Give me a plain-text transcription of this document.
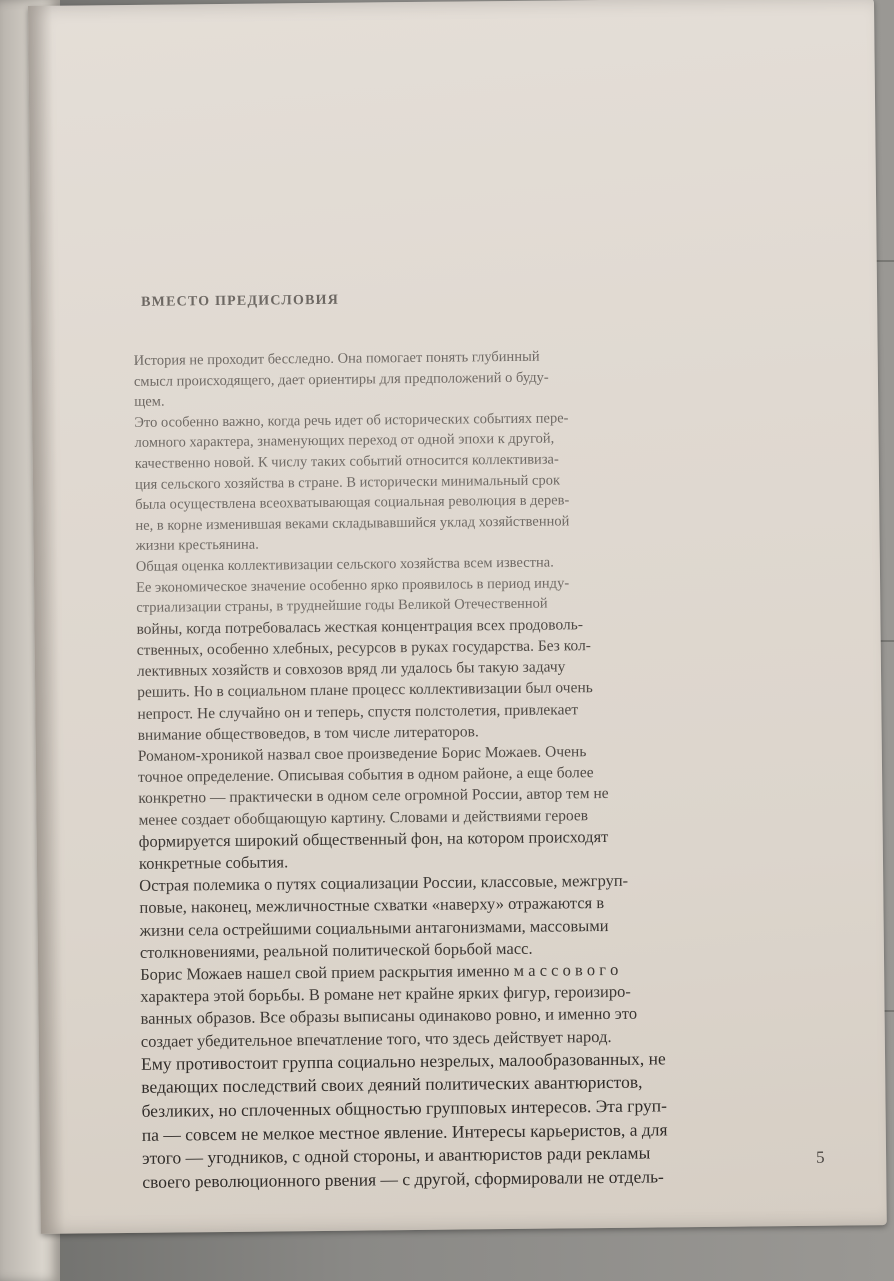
ВМЕСТО ПРЕДИСЛОВИЯ
История не проходит бесследно. Она помогает понять глубинный
смысл происходящего, дает ориентиры для предположений о буду-
щем.
Это особенно важно, когда речь идет об исторических событиях пере-
ломного характера, знаменующих переход от одной эпохи к другой,
качественно новой. К числу таких событий относится коллективиза-
ция сельского хозяйства в стране. В исторически минимальный срок
была осуществлена всеохватывающая социальная революция в дерев-
не, в корне изменившая веками складывавшийся уклад хозяйственной
жизни крестьянина.
Общая оценка коллективизации сельского хозяйства всем известна.
Ее экономическое значение особенно ярко проявилось в период инду-
стриализации страны, в труднейшие годы Великой Отечественной
войны, когда потребовалась жесткая концентрация всех продоволь-
ственных, особенно хлебных, ресурсов в руках государства. Без кол-
лективных хозяйств и совхозов вряд ли удалось бы такую задачу
решить. Но в социальном плане процесс коллективизации был очень
непрост. Не случайно он и теперь, спустя полстолетия, привлекает
внимание обществоведов, в том числе литераторов.
Романом-хроникой назвал свое произведение Борис Можаев. Очень
точное определение. Описывая события в одном районе, а еще более
конкретно — практически в одном селе огромной России, автор тем не
менее создает обобщающую картину. Словами и действиями героев
формируется широкий общественный фон, на котором происходят
конкретные события.
Острая полемика о путях социализации России, классовые, межгруп-
повые, наконец, межличностные схватки «наверху» отражаются в
жизни села острейшими социальными антагонизмами, массовыми
столкновениями, реальной политической борьбой масс.
Борис Можаев нашел свой прием раскрытия именно м а с с о в о г о
характера этой борьбы. В романе нет крайне ярких фигур, героизиро-
ванных образов. Все образы выписаны одинаково ровно, и именно это
создает убедительное впечатление того, что здесь действует народ.
Ему противостоит группа социально незрелых, малообразованных, не
ведающих последствий своих деяний политических авантюристов,
безликих, но сплоченных общностью групповых интересов. Эта груп-
па — совсем не мелкое местное явление. Интересы карьеристов, а для
этого — угодников, с одной стороны, и авантюристов ради рекламы
своего революционного рвения — с другой, сформировали не отдель-
5
